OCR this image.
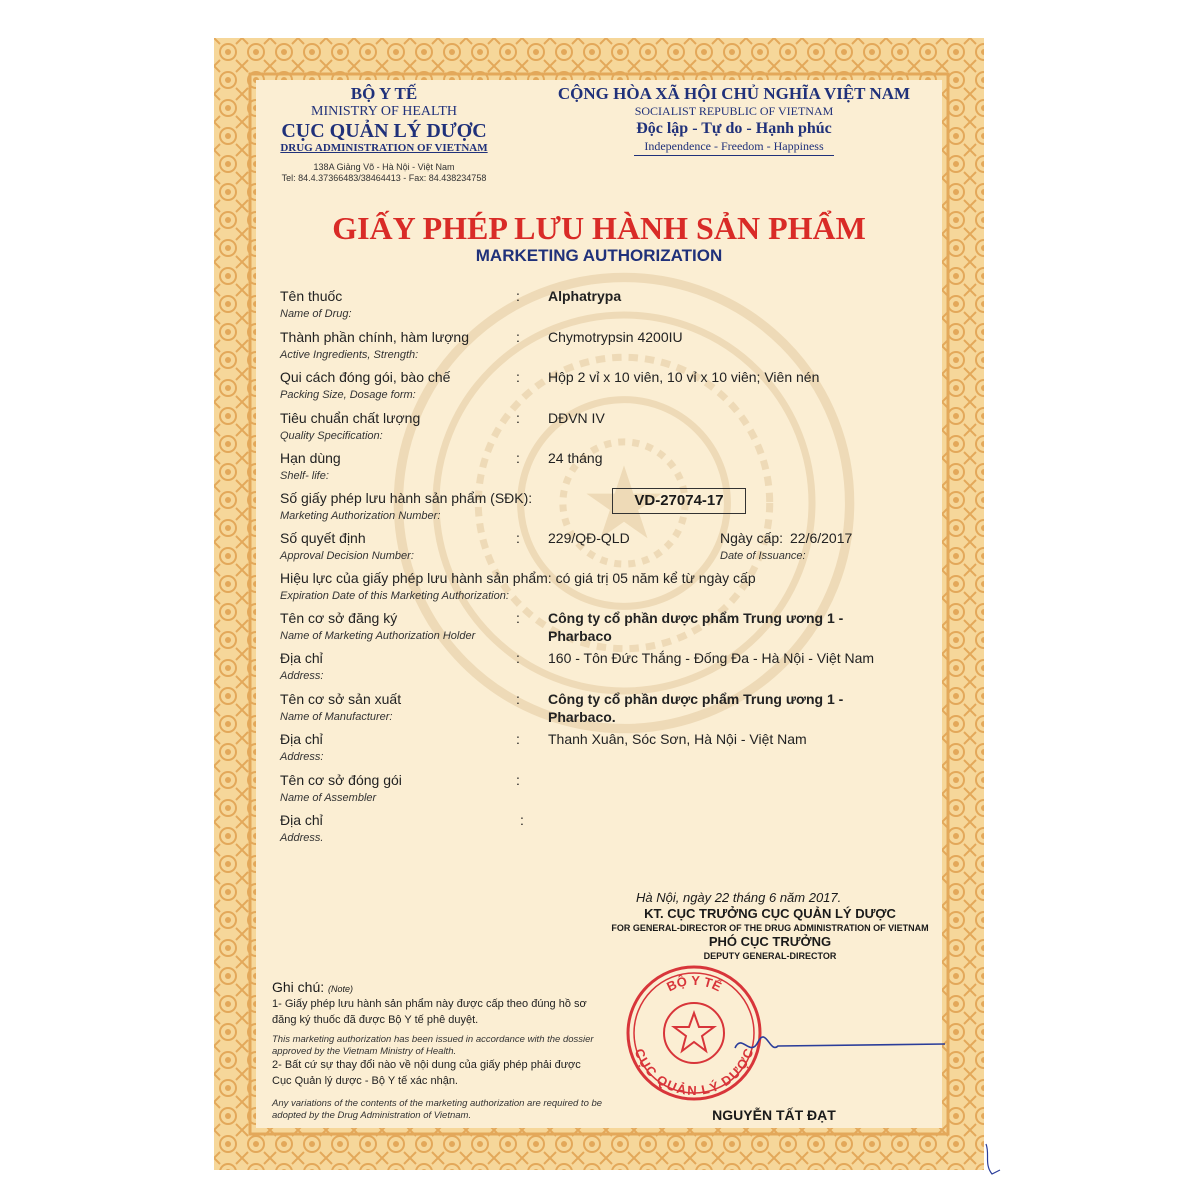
BỘ Y TẾ
MINISTRY OF HEALTH
CỤC QUẢN LÝ DƯỢC
DRUG ADMINISTRATION OF VIETNAM
138A Giảng Võ - Hà Nội - Việt Nam
Tel: 84.4.37366483/38464413 - Fax: 84.438234758
CỘNG HÒA XÃ HỘI CHỦ NGHĨA VIỆT NAM
SOCIALIST REPUBLIC OF VIETNAM
Độc lập - Tự do - Hạnh phúc
Independence - Freedom - Happiness
GIẤY PHÉP LƯU HÀNH SẢN PHẨM
MARKETING AUTHORIZATION
Tên thuốc
Name of Drug:
: Alphatrypa
Thành phần chính, hàm lượng
Active Ingredients, Strength:
: Chymotrypsin 4200IU
Qui cách đóng gói, bào chế
Packing Size, Dosage form:
: Hộp 2 vỉ x 10 viên, 10 vỉ x 10 viên; Viên nén
Tiêu chuẩn chất lượng
Quality Specification:
: DĐVN IV
Hạn dùng
Shelf- life:
: 24 tháng
Số giấy phép lưu hành sản phẩm (SĐK):
Marketing Authorization Number:
VD-27074-17
Số quyết định
Approval Decision Number:
: 229/QĐ-QLD	Ngày cấp: 22/6/2017
Date of Issuance:
Hiệu lực của giấy phép lưu hành sản phẩm: có giá trị 05 năm kể từ ngày cấp
Expiration Date of this Marketing Authorization:
Tên cơ sở đăng ký
Name of Marketing Authorization Holder
: Công ty cổ phần dược phẩm Trung ương 1 -
Pharbaco
Địa chỉ
Address:
: 160 - Tôn Đức Thắng - Đống Đa - Hà Nội - Việt Nam
Tên cơ sở sản xuất
Name of Manufacturer:
: Công ty cổ phần dược phẩm Trung ương 1 -
Pharbaco.
Địa chỉ
Address:
: Thanh Xuân, Sóc Sơn, Hà Nội - Việt Nam
Tên cơ sở đóng gói
Name of Assembler
:
Địa chỉ
Address.
:
Hà Nội, ngày 22 tháng 6 năm 2017.
KT. CỤC TRƯỞNG CỤC QUẢN LÝ DƯỢC
FOR GENERAL-DIRECTOR OF THE DRUG ADMINISTRATION OF VIETNAM
PHÓ CỤC TRƯỞNG
DEPUTY GENERAL-DIRECTOR
BỘ Y TẾ
CỤC QUẢN LÝ DƯỢC
NGUYỄN TẤT ĐẠT
Ghi chú: (Note)
1- Giấy phép lưu hành sản phẩm này được cấp theo đúng hồ sơ
đăng ký thuốc đã được Bộ Y tế phê duyệt.
This marketing authorization has been issued in accordance with the dossier
approved by the Vietnam Ministry of Health.
2- Bất cứ sự thay đổi nào về nội dung của giấy phép phải được
Cục Quản lý dược - Bộ Y tế xác nhận.
Any variations of the contents of the marketing authorization are required to be
adopted by the Drug Administration of Vietnam.
